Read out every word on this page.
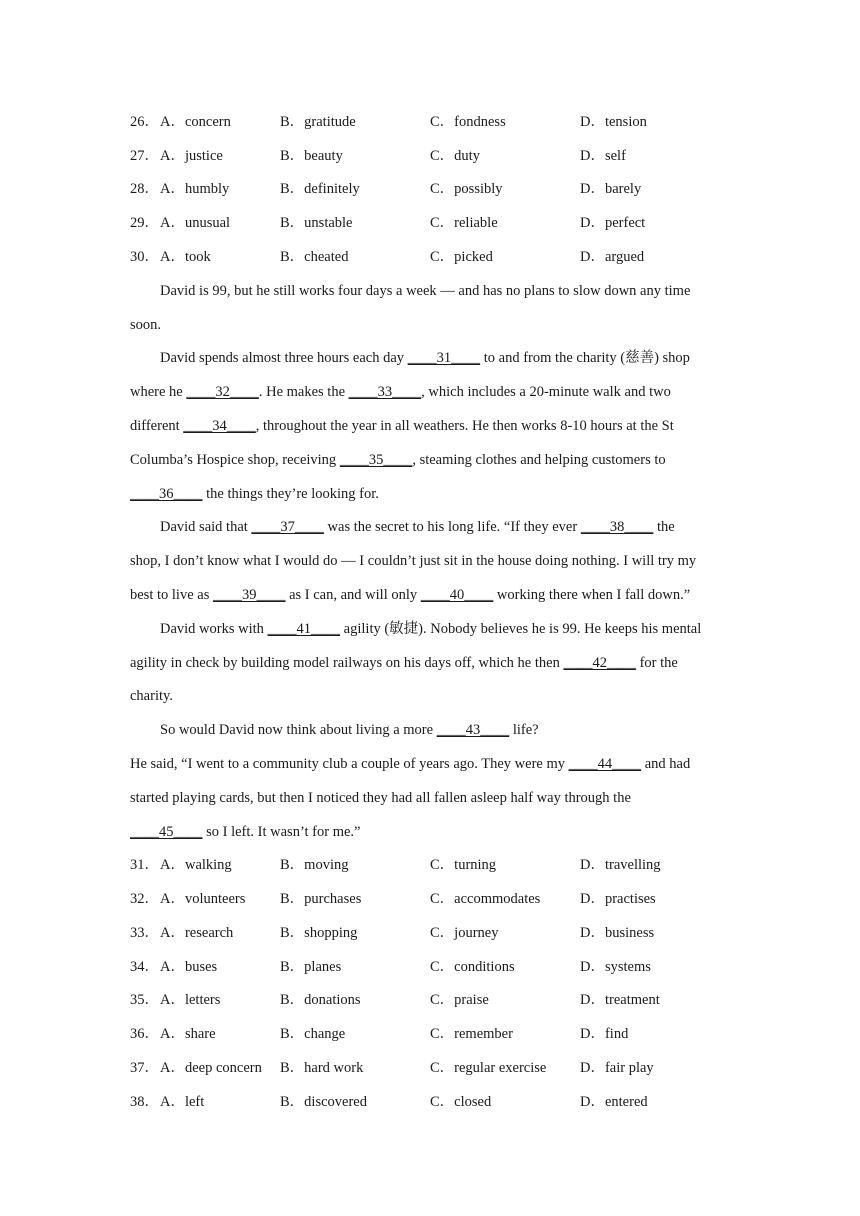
26． A．concern	B．gratitude	C．fondness	D．tension
27． A．justice	B．beauty	C．duty	D．self
28． A．humbly	B．definitely	C．possibly	D．barely
29． A．unusual	B．unstable	C．reliable	D．perfect
30． A．took	B．cheated	C．picked	D．argued
David is 99, but he still works four days a week — and has no plans to slow down any time
soon.
David spends almost three hours each day ____31____ to and from the charity (慈善) shop
where he ____32____. He makes the ____33____, which includes a 20-minute walk and two
different ____34____, throughout the year in all weathers. He then works 8-10 hours at the St
Columba’s Hospice shop, receiving ____35____, steaming clothes and helping customers to
____36____ the things they’re looking for.
David said that ____37____ was the secret to his long life. “If they ever ____38____ the
shop, I don’t know what I would do — I couldn’t just sit in the house doing nothing. I will try my
best to live as ____39____ as I can, and will only ____40____ working there when I fall down.”
David works with ____41____ agility (敏捷). Nobody believes he is 99. He keeps his mental
agility in check by building model railways on his days off, which he then ____42____ for the
charity.
So would David now think about living a more ____43____ life?
He said, “I went to a community club a couple of years ago. They were my ____44____ and had
started playing cards, but then I noticed they had all fallen asleep half way through the
____45____ so I left. It wasn’t for me.”
31． A．walking	B．moving	C．turning	D．travelling
32． A．volunteers B．purchases	C．accommodates	D．practises
33． A．research	B．shopping	C．journey	D．business
34． A．buses	B．planes	C．conditions	D．systems
35． A．letters	B．donations	C．praise	D．treatment
36． A．share	B．change	C．remember	D．find
37． A．deep concern B．hard work	C．regular exercise D．fair play
38． A．left	B．discovered	C．closed	D．entered
